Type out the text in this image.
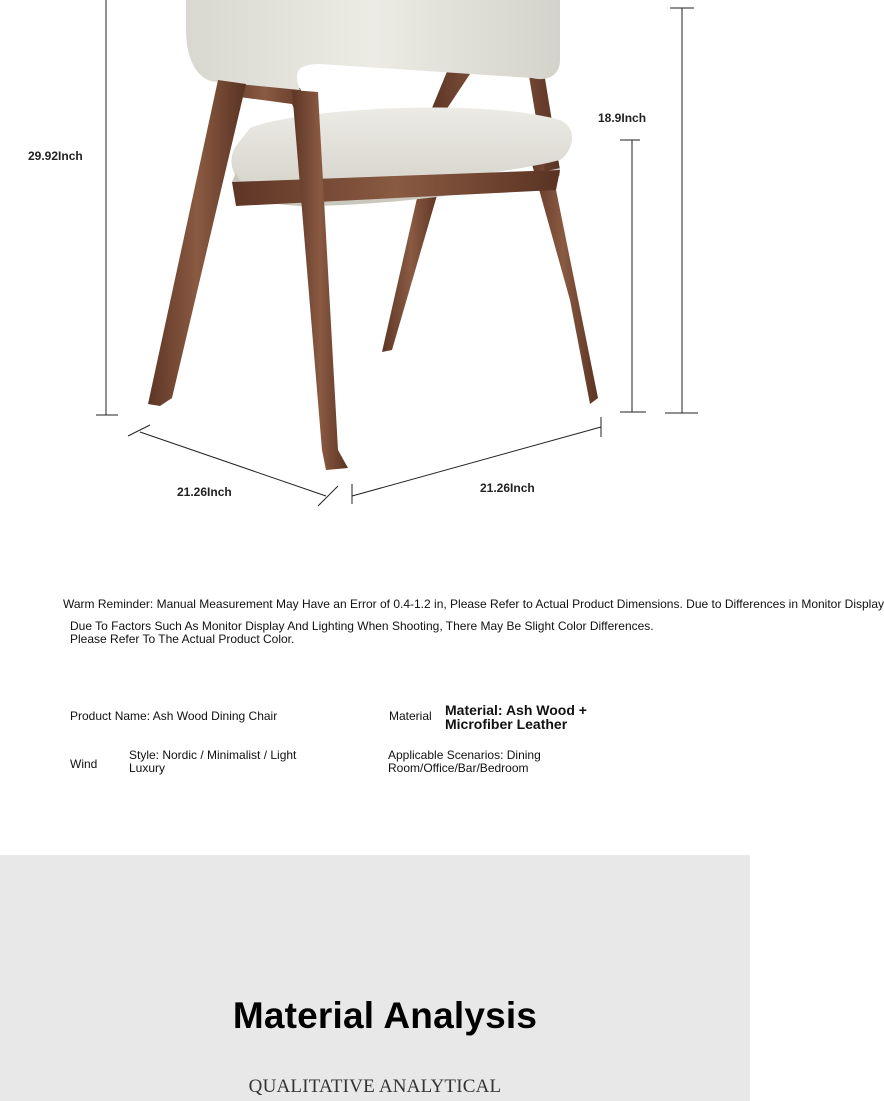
29.92Inch
18.9Inch
21.26Inch	21.26Inch
Warm Reminder: Manual Measurement May Have an Error of 0.4-1.2 in, Please Refer to Actual Product Dimensions. Due to Differences in Monitor Display
Due To Factors Such As Monitor Display And Lighting When Shooting, There May Be Slight Color Differences.
Please Refer To The Actual Product Color.
Product Name: Ash Wood Dining Chair	Material Material: Ash Wood +
Microfiber Leather
Wind
Style: Nordic / Minimalist / Light
Luxury
Applicable Scenarios: Dining
Room/Office/Bar/Bedroom
Material Analysis
QUALITATIVE ANALYTICAL
